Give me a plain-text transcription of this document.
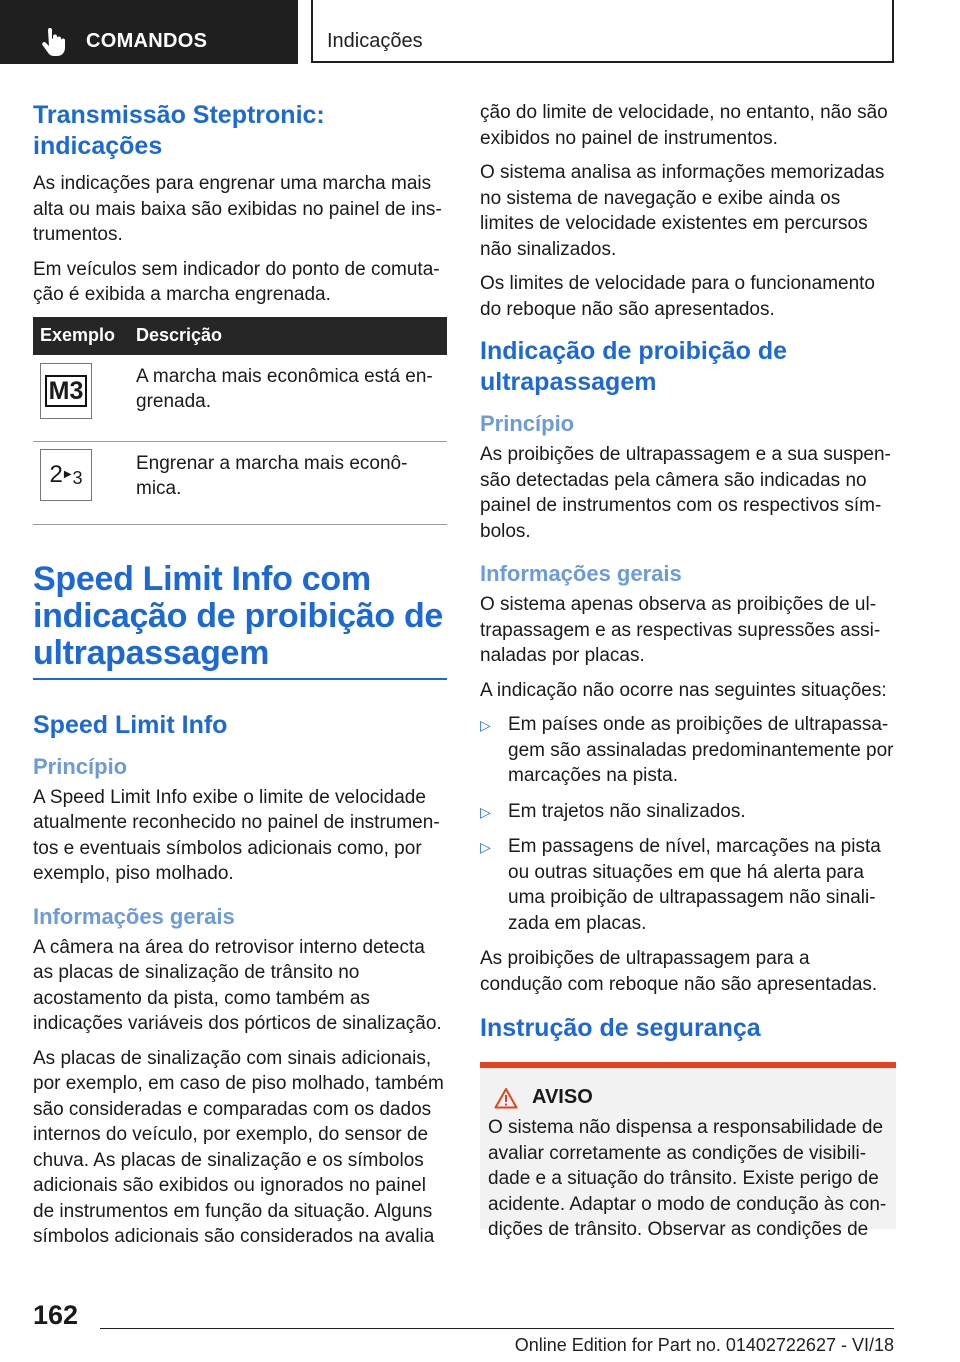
COMANDOS	Indicações
Transmissão Steptronic: indicações

As indicações para engrenar uma marcha mais alta ou mais baixa são exibidas no painel de instrumentos.

Em veículos sem indicador do ponto de comutação é exibida a marcha engrenada.

Exemplo	Descrição

M3	A marcha mais econômica está engrenada.

2 ▶ 3	Engrenar a marcha mais econômica.
Speed Limit Info com indicação de proibição de ultrapassagem
Speed Limit Info
Princípio

A Speed Limit Info exibe o limite de velocidade atualmente reconhecido no painel de instrumentos e eventuais símbolos adicionais como, por exemplo, piso molhado.

Informações gerais

A câmera na área do retrovisor interno detecta as placas de sinalização de trânsito no acostamento da pista, como também as indicações variáveis dos pórticos de sinalização.

As placas de sinalização com sinais adicionais, por exemplo, em caso de piso molhado, também são consideradas e comparadas com os dados internos do veículo, por exemplo, do sensor de chuva. As placas de sinalização e os símbolos adicionais são exibidos ou ignorados no painel de instrumentos em função da situação. Alguns símbolos adicionais são considerados na avalia

ção do limite de velocidade, no entanto, não são exibidos no painel de instrumentos.

O sistema analisa as informações memorizadas no sistema de navegação e exibe ainda os limites de velocidade existentes em percursos não sinalizados.

Os limites de velocidade para o funcionamento do reboque não são apresentados.

Indicação de proibição de ultrapassagem
Princípio

As proibições de ultrapassagem e a sua suspensão detectadas pela câmera são indicadas no painel de instrumentos com os respectivos símbolos.

Informações gerais

O sistema apenas observa as proibições de ultrapassagem e as respectivas supressões assinaladas por placas.

A indicação não ocorre nas seguintes situações:

▷ Em países onde as proibições de ultrapassagem são assinaladas predominantemente por marcações na pista.
▷ Em trajetos não sinalizados.
▷ Em passagens de nível, marcações na pista ou outras situações em que há alerta para uma proibição de ultrapassagem não sinalizada em placas.

As proibições de ultrapassagem para a condução com reboque não são apresentadas.

Instrução de segurança
AVISO

O sistema não dispensa a responsabilidade de avaliar corretamente as condições de visibilidade e a situação do trânsito. Existe perigo de acidente. Adaptar o modo de condução às condições de trânsito. Observar as condições de

162
Online Edition for Part no. 01402722627 - VI/18
